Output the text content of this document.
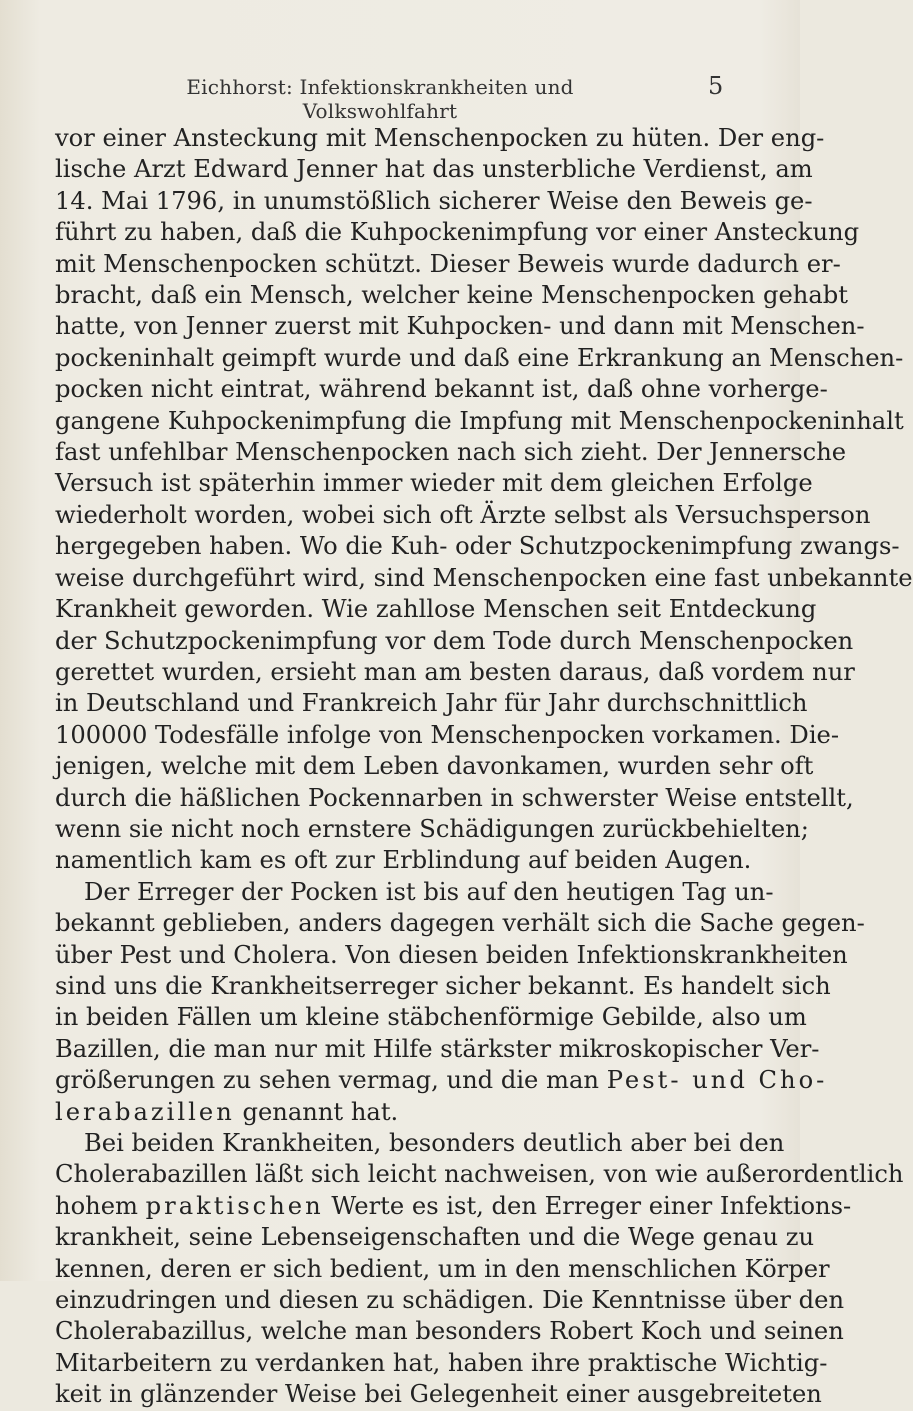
Eichhorst: Infektionskrankheiten und Volkswohlfahrt
5
vor einer Ansteckung mit Menschenpocken zu hüten. Der eng-
lische Arzt Edward Jenner hat das unsterbliche Verdienst, am
14. Mai 1796, in unumstößlich sicherer Weise den Beweis ge-
führt zu haben, daß die Kuhpockenimpfung vor einer Ansteckung
mit Menschenpocken schützt. Dieser Beweis wurde dadurch er-
bracht, daß ein Mensch, welcher keine Menschenpocken gehabt
hatte, von Jenner zuerst mit Kuhpocken- und dann mit Menschen-
pockeninhalt geimpft wurde und daß eine Erkrankung an Menschen-
pocken nicht eintrat, während bekannt ist, daß ohne vorherge-
gangene Kuhpockenimpfung die Impfung mit Menschenpockeninhalt
fast unfehlbar Menschenpocken nach sich zieht. Der Jennersche
Versuch ist späterhin immer wieder mit dem gleichen Erfolge
wiederholt worden, wobei sich oft Ärzte selbst als Versuchsperson
hergegeben haben. Wo die Kuh- oder Schutzpockenimpfung zwangs-
weise durchgeführt wird, sind Menschenpocken eine fast unbekannte
Krankheit geworden. Wie zahllose Menschen seit Entdeckung
der Schutzpockenimpfung vor dem Tode durch Menschenpocken
gerettet wurden, ersieht man am besten daraus, daß vordem nur
in Deutschland und Frankreich Jahr für Jahr durchschnittlich
100000 Todesfälle infolge von Menschenpocken vorkamen. Die-
jenigen, welche mit dem Leben davonkamen, wurden sehr oft
durch die häßlichen Pockennarben in schwerster Weise entstellt,
wenn sie nicht noch ernstere Schädigungen zurückbehielten;
namentlich kam es oft zur Erblindung auf beiden Augen.
Der Erreger der Pocken ist bis auf den heutigen Tag un-
bekannt geblieben, anders dagegen verhält sich die Sache gegen-
über Pest und Cholera. Von diesen beiden Infektionskrankheiten
sind uns die Krankheitserreger sicher bekannt. Es handelt sich
in beiden Fällen um kleine stäbchenförmige Gebilde, also um
Bazillen, die man nur mit Hilfe stärkster mikroskopischer Ver-
größerungen zu sehen vermag, und die man Pest- und Cho-
lerabazillen genannt hat.
Bei beiden Krankheiten, besonders deutlich aber bei den
Cholerabazillen läßt sich leicht nachweisen, von wie außerordentlich
hohem praktischen Werte es ist, den Erreger einer Infektions-
krankheit, seine Lebenseigenschaften und die Wege genau zu
kennen, deren er sich bedient, um in den menschlichen Körper
einzudringen und diesen zu schädigen. Die Kenntnisse über den
Cholerabazillus, welche man besonders Robert Koch und seinen
Mitarbeitern zu verdanken hat, haben ihre praktische Wichtig-
keit in glänzender Weise bei Gelegenheit einer ausgebreiteten
